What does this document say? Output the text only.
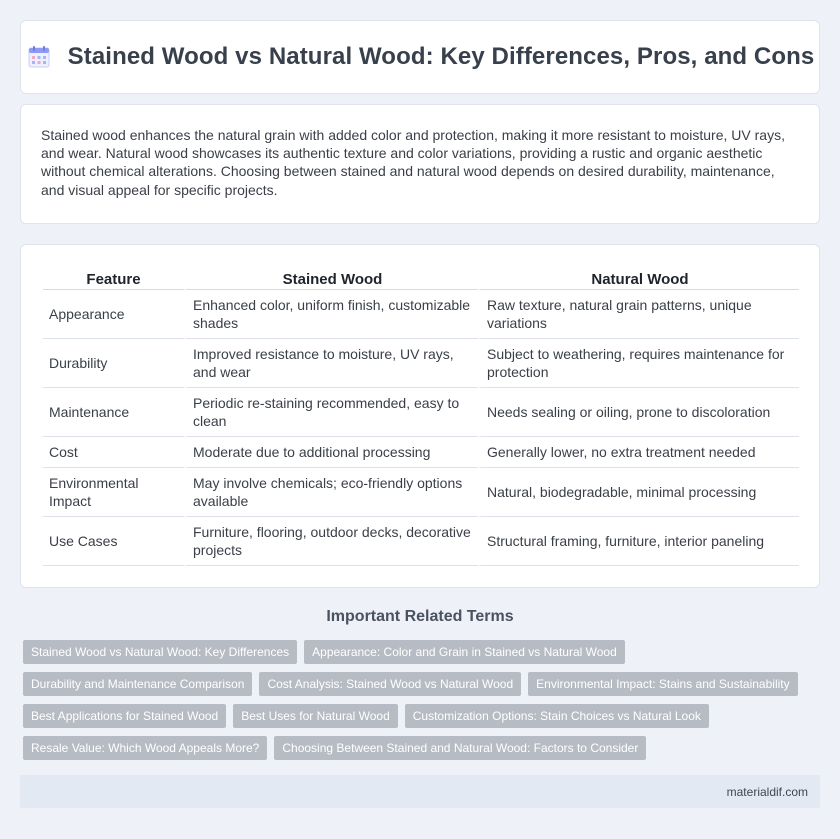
Stained Wood vs Natural Wood: Key Differences, Pros, and Cons

Stained wood enhances the natural grain with added color and protection, making it more resistant to moisture, UV rays, and wear. Natural wood showcases its authentic texture and color variations, providing a rustic and organic aesthetic without chemical alterations. Choosing between stained and natural wood depends on desired durability, maintenance, and visual appeal for specific projects.

Feature	Stained Wood	Natural Wood
Appearance	Enhanced color, uniform finish, customizable shades	Raw texture, natural grain patterns, unique variations
Durability	Improved resistance to moisture, UV rays, and wear	Subject to weathering, requires maintenance for protection
Maintenance	Periodic re-staining recommended, easy to clean	Needs sealing or oiling, prone to discoloration
Cost	Moderate due to additional processing	Generally lower, no extra treatment needed
Environmental Impact	May involve chemicals; eco-friendly options available	Natural, biodegradable, minimal processing
Use Cases	Furniture, flooring, outdoor decks, decorative projects	Structural framing, furniture, interior paneling
Important Related Terms
Stained Wood vs Natural Wood: Key Differences	Appearance: Color and Grain in Stained vs Natural Wood
Durability and Maintenance Comparison	Cost Analysis: Stained Wood vs Natural Wood	Environmental Impact: Stains and Sustainability
Best Applications for Stained Wood	Best Uses for Natural Wood	Customization Options: Stain Choices vs Natural Look
Resale Value: Which Wood Appeals More?	Choosing Between Stained and Natural Wood: Factors to Consider
materialdif.com
